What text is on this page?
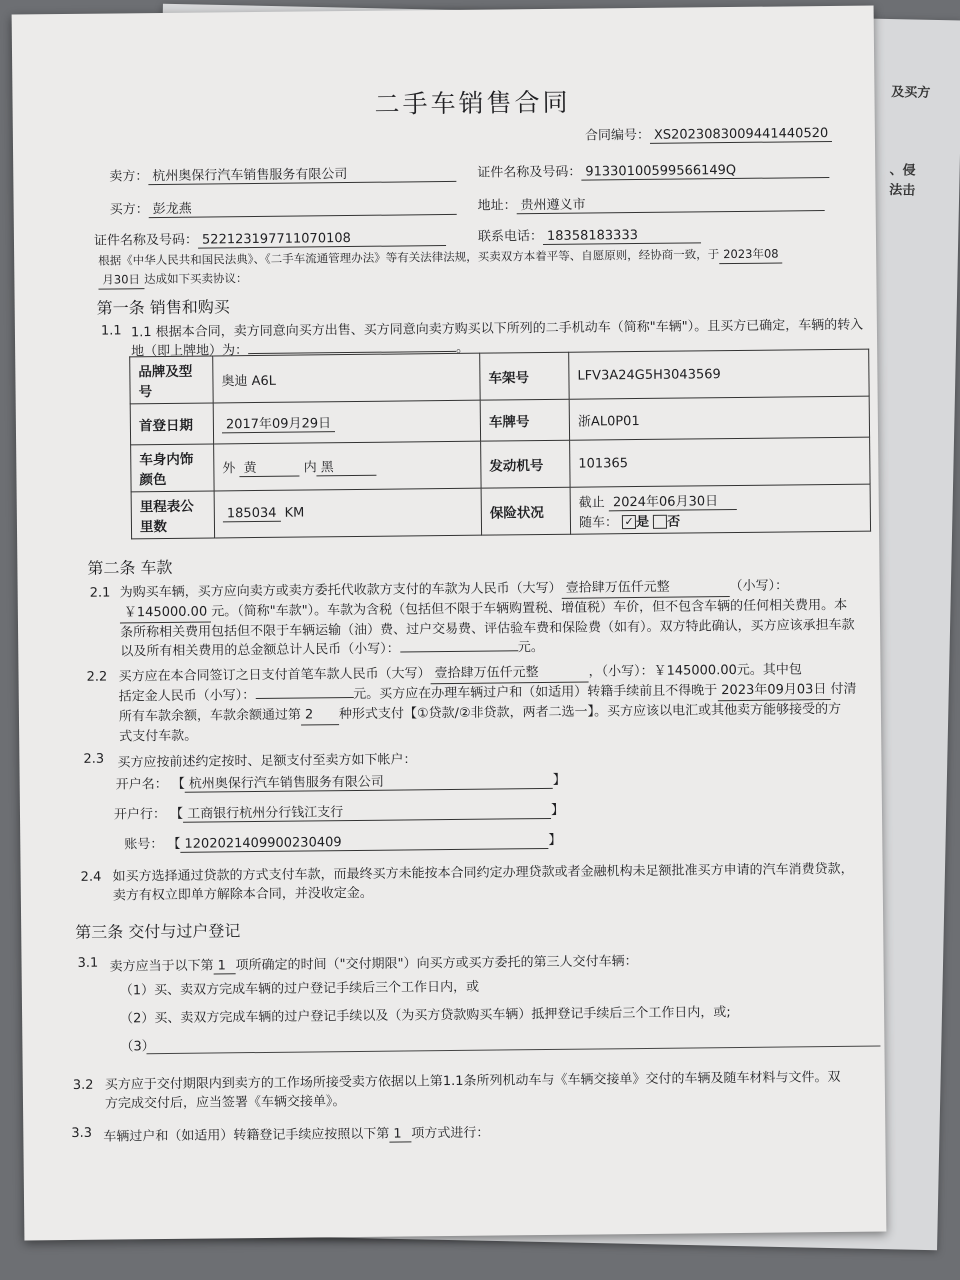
及买方
、侵
法击
二手车销售合同
合同编号： XS2023083009441440520
卖方： 杭州奥保行汽车销售服务有限公司	证件名称及号码： 91330100599566149Q
买方： 彭龙燕	地址： 贵州遵义市
证件名称及号码： 522123197711070108	联系电话： 18358183333
根据《中华人民共和国民法典》、《二手车流通管理办法》等有关法律法规，买卖双方本着平等、自愿原则，经协商一致，于 2023年08
月30日 达成如下买卖协议：
第一条 销售和购买
1.1 1.1 根据本合同，卖方同意向买方出售、买方同意向卖方购买以下所列的二手机动车（简称"车辆"）。且买方已确定，车辆的转入
地（即上牌地）为：	。
品牌及型号	奥迪 A6L	车架号	LFV3A24G5H3043569
首登日期	2017年09月29日	车牌号	浙AL0P01
车身内饰颜色	外 黄 内 黑	发动机号	101365
里程表公里数	185034 KM	保险状况	截止 2024年06月30日
随车： ✓ 是 否
第二条 车款
2.1 为购买车辆，买方应向卖方或卖方委托代收款方支付的车款为人民币（大写） 壹拾肆万伍仟元整	（小写）：
￥145000.00 元。（简称"车款"）。车款为含税（包括但不限于车辆购置税、增值税）车价，但不包含车辆的任何相关费用。本
条所称相关费用包括但不限于车辆运输（油）费、过户交易费、评估验车费和保险费（如有）。双方特此确认，买方应该承担车款
以及所有相关费用的总金额总计人民币（小写）：	元。
2.2 买方应在本合同签订之日支付首笔车款人民币（大写） 壹拾肆万伍仟元整	，（小写）：￥145000.00元。其中包
括定金人民币（小写）：	元。买方应在办理车辆过户和（如适用）转籍手续前且不得晚于 2023年09月03日 付清
所有车款余额，车款余额通过第 2 种形式支付【①贷款/②非贷款，两者二选一】。买方应该以电汇或其他卖方能够接受的方
式支付车款。
2.3 买方应按前述约定按时、足额支付至卖方如下帐户：
开户名： 【 杭州奥保行汽车销售服务有限公司	】
开户行： 【 工商银行杭州分行钱江支行	】
账号： 【 1202021409900230409	】
2.4 如买方选择通过贷款的方式支付车款，而最终买方未能按本合同约定办理贷款或者金融机构未足额批准买方申请的汽车消费贷款，
卖方有权立即单方解除本合同，并没收定金。
第三条 交付与过户登记
3.1 卖方应当于以下第 1 项所确定的时间（"交付期限"）向买方或买方委托的第三人交付车辆：
（1）买、卖双方完成车辆的过户登记手续后三个工作日内，或
（2）买、卖双方完成车辆的过户登记手续以及（为买方贷款购买车辆）抵押登记手续后三个工作日内，或;
（3）
3.2 买方应于交付期限内到卖方的工作场所接受卖方依据以上第1.1条所列机动车与《车辆交接单》交付的车辆及随车材料与文件。双
方完成交付后，应当签署《车辆交接单》。
3.3 车辆过户和（如适用）转籍登记手续应按照以下第 1 项方式进行：
